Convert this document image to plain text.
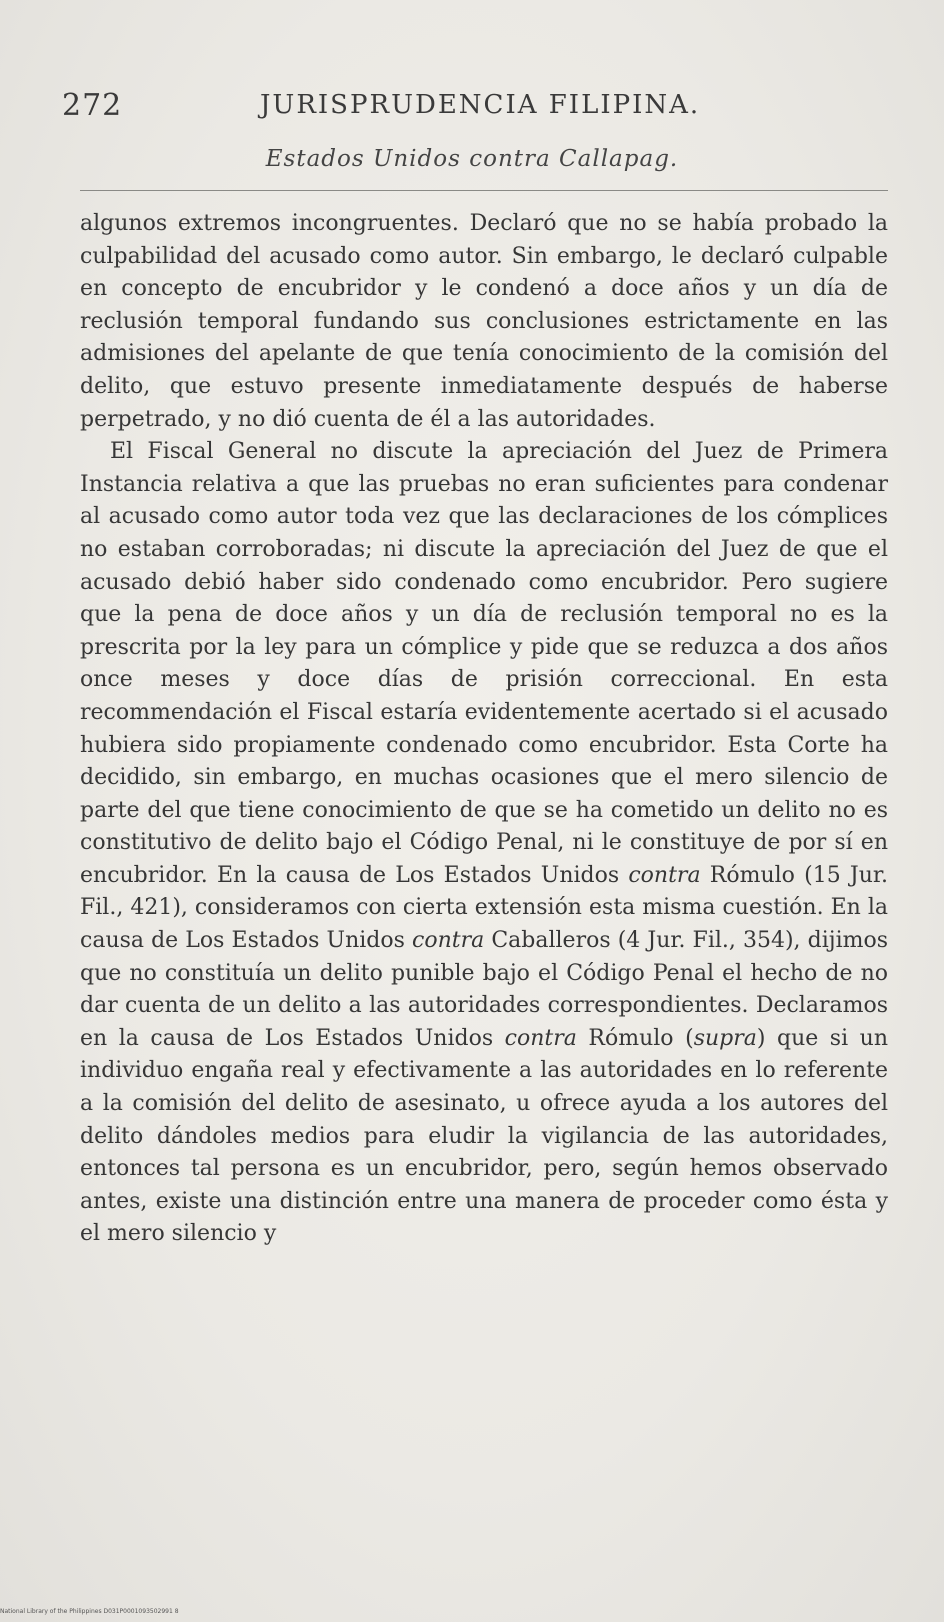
272	JURISPRUDENCIA FILIPINA.
Estados Unidos contra Callapag.

algunos extremos incongruentes. Declaró que no se había probado la culpabilidad del acusado como autor. Sin embargo, le declaró culpable en concepto de encubridor y le condenó a doce años y un día de reclusión temporal fundando sus conclusiones estrictamente en las admisiones del apelante de que tenía conocimiento de la comisión del delito, que estuvo presente inmediatamente después de haberse perpetrado, y no dió cuenta de él a las autoridades.

El Fiscal General no discute la apreciación del Juez de Primera Instancia relativa a que las pruebas no eran suficientes para condenar al acusado como autor toda vez que las declaraciones de los cómplices no estaban corroboradas; ni discute la apreciación del Juez de que el acusado debió haber sido condenado como encubridor. Pero sugiere que la pena de doce años y un día de reclusión temporal no es la prescrita por la ley para un cómplice y pide que se reduzca a dos años once meses y doce días de prisión correccional. En esta recommendación el Fiscal estaría evidentemente acertado si el acusado hubiera sido propiamente condenado como encubridor. Esta Corte ha decidido, sin embargo, en muchas ocasiones que el mero silencio de parte del que tiene conocimiento de que se ha cometido un delito no es constitutivo de delito bajo el Código Penal, ni le constituye de por sí en encubridor. En la causa de Los Estados Unidos contra Rómulo (15 Jur. Fil., 421), consideramos con cierta extensión esta misma cuestión. En la causa de Los Estados Unidos contra Caballeros (4 Jur. Fil., 354), dijimos que no constituía un delito punible bajo el Código Penal el hecho de no dar cuenta de un delito a las autoridades correspondientes. Declaramos en la causa de Los Estados Unidos contra Rómulo (supra) que si un individuo engaña real y efectivamente a las autoridades en lo referente a la comisión del delito de asesinato, u ofrece ayuda a los autores del delito dándoles medios para eludir la vigilancia de las autoridades, entonces tal persona es un encubridor, pero, según hemos observado antes, existe una distinción entre una manera de proceder como ésta y el mero silencio y

National Library of the Philippines D031P0001093502991 8
